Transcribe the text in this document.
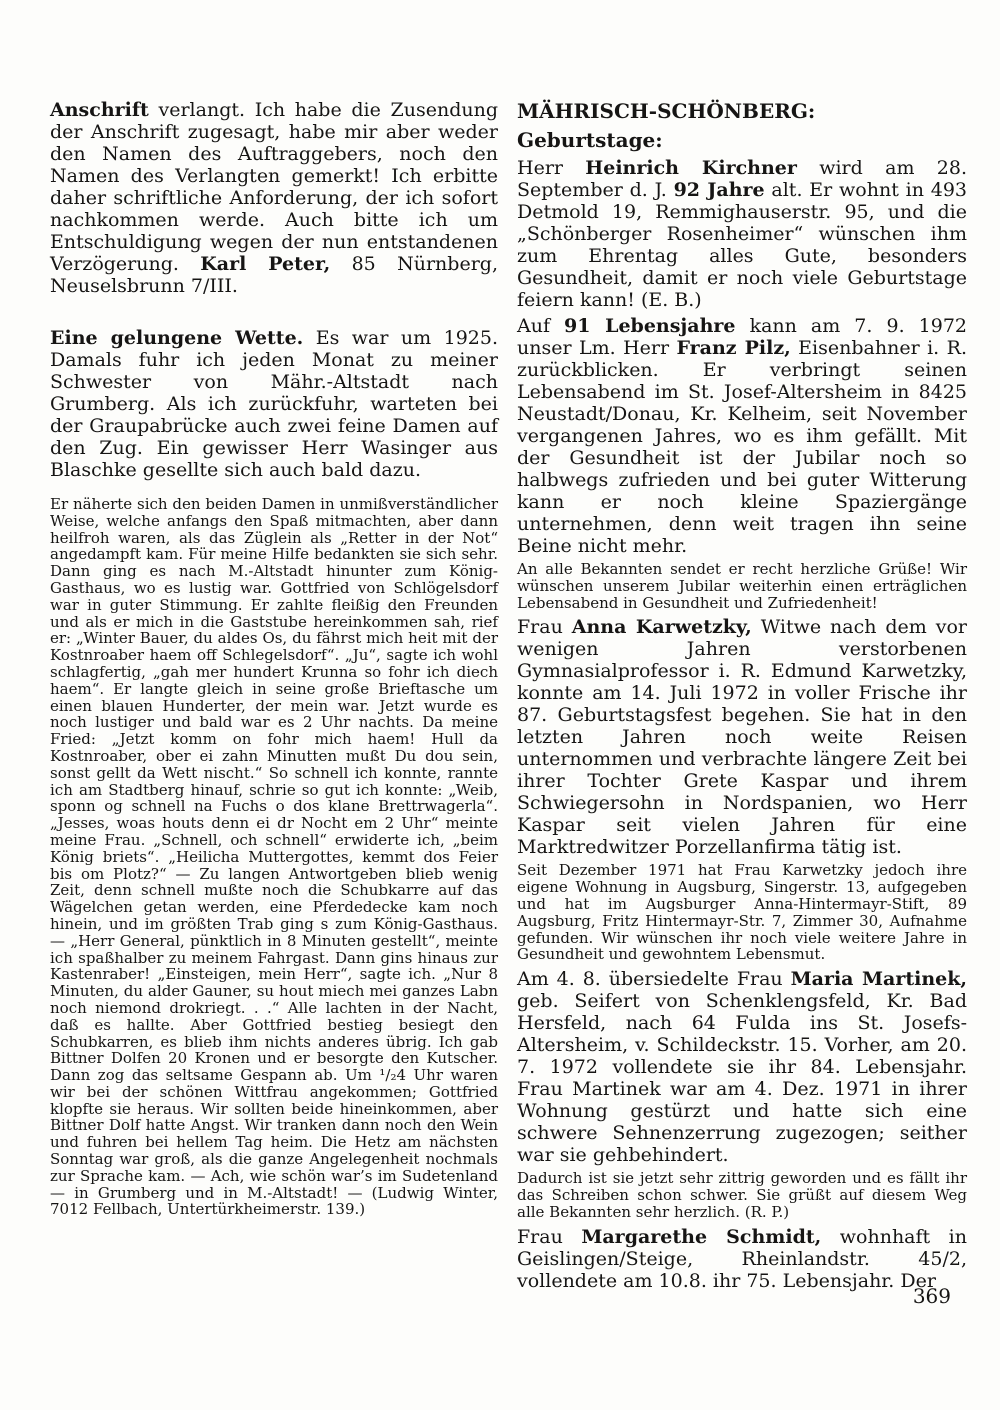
Anschrift verlangt. Ich habe die Zusendung der Anschrift zugesagt, habe mir aber weder den Namen des Auftraggebers, noch den Namen des Verlangten gemerkt! Ich erbitte daher schriftliche Anforderung, der ich sofort nachkommen werde. Auch bitte ich um Entschuldigung wegen der nun entstandenen Verzögerung. Karl Peter, 85 Nürnberg, Neuselsbrunn 7/III.

Eine gelungene Wette. Es war um 1925. Damals fuhr ich jeden Monat zu meiner Schwester von Mähr.-Altstadt nach Grumberg. Als ich zurückfuhr, warteten bei der Graupabrücke auch zwei feine Damen auf den Zug. Ein gewisser Herr Wasinger aus Blaschke gesellte sich auch bald dazu.

Er näherte sich den beiden Damen in unmißverständlicher Weise, welche anfangs den Spaß mitmachten, aber dann heilfroh waren, als das Züglein als „Retter in der Not“ angedampft kam. Für meine Hilfe bedankten sie sich sehr. Dann ging es nach M.-Altstadt hinunter zum König-Gasthaus, wo es lustig war. Gottfried von Schlögelsdorf war in guter Stimmung. Er zahlte fleißig den Freunden und als er mich in die Gaststube hereinkommen sah, rief er: „Winter Bauer, du aldes Os, du fährst mich heit mit der Kostnroaber haem off Schlegelsdorf“. „Ju“, sagte ich wohl schlagfertig, „gah mer hundert Krunna so fohr ich diech haem“. Er langte gleich in seine große Brieftasche um einen blauen Hunderter, der mein war. Jetzt wurde es noch lustiger und bald war es 2 Uhr nachts. Da meine Fried: „Jetzt komm on fohr mich haem! Hull da Kostnroaber, ober ei zahn Minutten mußt Du dou sein, sonst gellt da Wett nischt.“ So schnell ich konnte, rannte ich am Stadtberg hinauf, schrie so gut ich konnte: „Weib, sponn og schnell na Fuchs o dos klane Brettrwagerla“. „Jesses, woas houts denn ei dr Nocht em 2 Uhr“ meinte meine Frau. „Schnell, och schnell“ erwiderte ich, „beim König briets“. „Heilicha Muttergottes, kemmt dos Feier bis om Plotz?“ — Zu langen Antwortgeben blieb wenig Zeit, denn schnell mußte noch die Schubkarre auf das Wägelchen getan werden, eine Pferdedecke kam noch hinein, und im größten Trab ging s zum König-Gasthaus. — „Herr General, pünktlich in 8 Minuten gestellt“, meinte ich spaßhalber zu meinem Fahrgast. Dann gins hinaus zur Kastenraber! „Einsteigen, mein Herr“, sagte ich. „Nur 8 Minuten, du alder Gauner, su hout miech mei ganzes Labn noch niemond drokriegt. . .“ Alle lachten in der Nacht, daß es hallte. Aber Gottfried bestieg besiegt den Schubkarren, es blieb ihm nichts anderes übrig. Ich gab Bittner Dolfen 20 Kronen und er besorgte den Kutscher. Dann zog das seltsame Gespann ab. Um ¹/₂4 Uhr waren wir bei der schönen Wittfrau angekommen; Gottfried klopfte sie heraus. Wir sollten beide hineinkommen, aber Bittner Dolf hatte Angst. Wir tranken dann noch den Wein und fuhren bei hellem Tag heim. Die Hetz am nächsten Sonntag war groß, als die ganze Angelegenheit nochmals zur Sprache kam. — Ach, wie schön war’s im Sudetenland — in Grumberg und in M.-Altstadt! — (Ludwig Winter, 7012 Fellbach, Untertürkheimerstr. 139.)

MÄHRISCH-SCHÖNBERG:

Geburtstage:

Herr Heinrich Kirchner wird am 28. September d. J. 92 Jahre alt. Er wohnt in 493 Detmold 19, Remmighauserstr. 95, und die „Schönberger Rosenheimer“ wünschen ihm zum Ehrentag alles Gute, besonders Gesundheit, damit er noch viele Geburtstage feiern kann! (E. B.)

Auf 91 Lebensjahre kann am 7. 9. 1972 unser Lm. Herr Franz Pilz, Eisenbahner i. R. zurückblicken. Er verbringt seinen Lebensabend im St. Josef-Altersheim in 8425 Neustadt/Donau, Kr. Kelheim, seit November vergangenen Jahres, wo es ihm gefällt. Mit der Gesundheit ist der Jubilar noch so halbwegs zufrieden und bei guter Witterung kann er noch kleine Spaziergänge unternehmen, denn weit tragen ihn seine Beine nicht mehr.

An alle Bekannten sendet er recht herzliche Grüße! Wir wünschen unserem Jubilar weiterhin einen erträglichen Lebensabend in Gesundheit und Zufriedenheit!

Frau Anna Karwetzky, Witwe nach dem vor wenigen Jahren verstorbenen Gymnasialprofessor i. R. Edmund Karwetzky, konnte am 14. Juli 1972 in voller Frische ihr 87. Geburtstagsfest begehen. Sie hat in den letzten Jahren noch weite Reisen unternommen und verbrachte längere Zeit bei ihrer Tochter Grete Kaspar und ihrem Schwiegersohn in Nordspanien, wo Herr Kaspar seit vielen Jahren für eine Marktredwitzer Porzellanfirma tätig ist.

Seit Dezember 1971 hat Frau Karwetzky jedoch ihre eigene Wohnung in Augsburg, Singerstr. 13, aufgegeben und hat im Augsburger Anna-Hintermayr-Stift, 89 Augsburg, Fritz Hintermayr-Str. 7, Zimmer 30, Aufnahme gefunden. Wir wünschen ihr noch viele weitere Jahre in Gesundheit und gewohntem Lebensmut.

Am 4. 8. übersiedelte Frau Maria Martinek, geb. Seifert von Schenklengsfeld, Kr. Bad Hersfeld, nach 64 Fulda ins St. Josefs-Altersheim, v. Schildeckstr. 15. Vorher, am 20. 7. 1972 vollendete sie ihr 84. Lebensjahr. Frau Martinek war am 4. Dez. 1971 in ihrer Wohnung gestürzt und hatte sich eine schwere Sehnenzerrung zugezogen; seither war sie gehbehindert.

Dadurch ist sie jetzt sehr zittrig geworden und es fällt ihr das Schreiben schon schwer. Sie grüßt auf diesem Weg alle Bekannten sehr herzlich. (R. P.)

Frau Margarethe Schmidt, wohnhaft in Geislingen/Steige, Rheinlandstr. 45/2, vollendete am 10.8. ihr 75. Lebensjahr. Der

369
